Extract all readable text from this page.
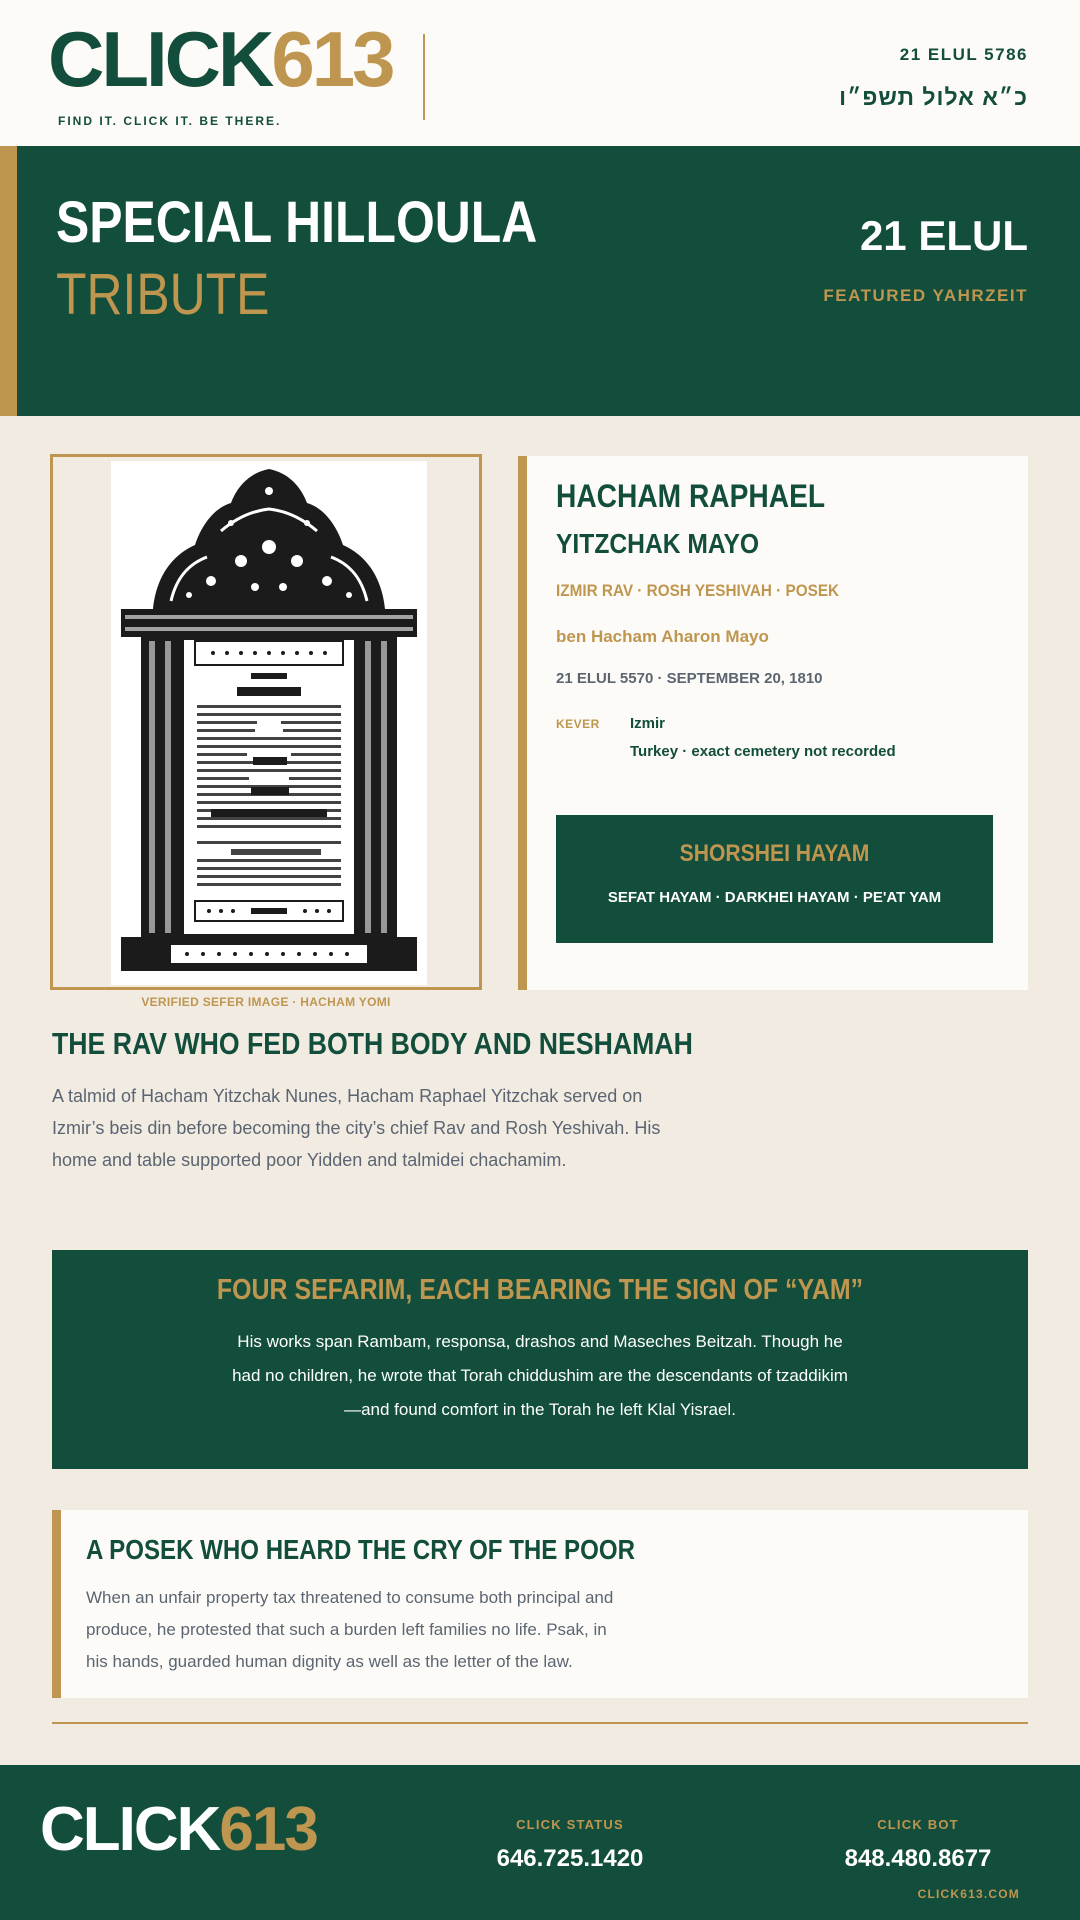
CLICK613
FIND IT. CLICK IT. BE THERE.
21 ELUL 5786
כ״א אלול תשפ״ו
SPECIAL HILLOULA
TRIBUTE
21 ELUL
FEATURED YAHRZEIT
VERIFIED SEFER IMAGE · HACHAM YOMI
HACHAM RAPHAEL
YITZCHAK MAYO
IZMIR RAV · ROSH YESHIVAH · POSEK
ben Hacham Aharon Mayo
21 ELUL 5570 · SEPTEMBER 20, 1810
KEVER Izmir
Turkey · exact cemetery not recorded
SHORSHEI HAYAM
SEFAT HAYAM · DARKHEI HAYAM · PE'AT YAM
THE RAV WHO FED BOTH BODY AND NESHAMAH
A talmid of Hacham Yitzchak Nunes, Hacham Raphael Yitzchak served on Izmir’s beis din before becoming the city’s chief Rav and Rosh Yeshivah. His home and table supported poor Yidden and talmidei chachamim.
FOUR SEFARIM, EACH BEARING THE SIGN OF “YAM”
His works span Rambam, responsa, drashos and Maseches Beitzah. Though he had no children, he wrote that Torah chiddushim are the descendants of tzaddikim—and found comfort in the Torah he left Klal Yisrael.
A POSEK WHO HEARD THE CRY OF THE POOR
When an unfair property tax threatened to consume both principal and produce, he protested that such a burden left families no life. Psak, in his hands, guarded human dignity as well as the letter of the law.
CLICK613	CLICK STATUS
646.725.1420
CLICK BOT
848.480.8677
CLICK613.COM
